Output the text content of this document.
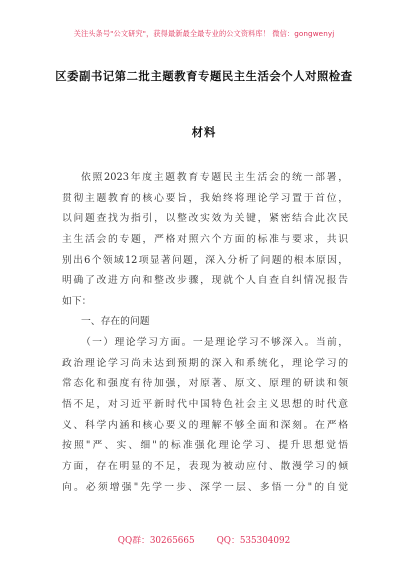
关注头条号"公文研究"，获得最新最全最专业的公文资料库！ 微信：gongwenyj
区委副书记第二批主题教育专题民主生活会个人对照检查
材料
依照2023年度主题教育专题民主生活会的统一部署，
贯彻主题教育的核心要旨，我始终将理论学习置于首位，
以问题查找为指引，以整改实效为关键，紧密结合此次民
主生活会的专题，严格对照六个方面的标准与要求，共识
别出6个领域12项显著问题，深入分析了问题的根本原因，
明确了改进方向和整改步骤，现就个人自查自纠情况报告
如下：
一、存在的问题
（一）理论学习方面。一是理论学习不够深入。当前，
政治理论学习尚未达到预期的深入和系统化，理论学习的
常态化和强度有待加强，对原著、原文、原理的研读和领
悟不足，对习近平新时代中国特色社会主义思想的时代意
义、科学内涵和核心要义的理解不够全面和深刻。在严格
按照"严、实、细"的标准强化理论学习、提升思想觉悟
方面，存在明显的不足，表现为被动应付、散漫学习的倾
向。必须增强"先学一步、深学一层、多悟一分"的自觉
QQ群：30265665	QQ：535304092
